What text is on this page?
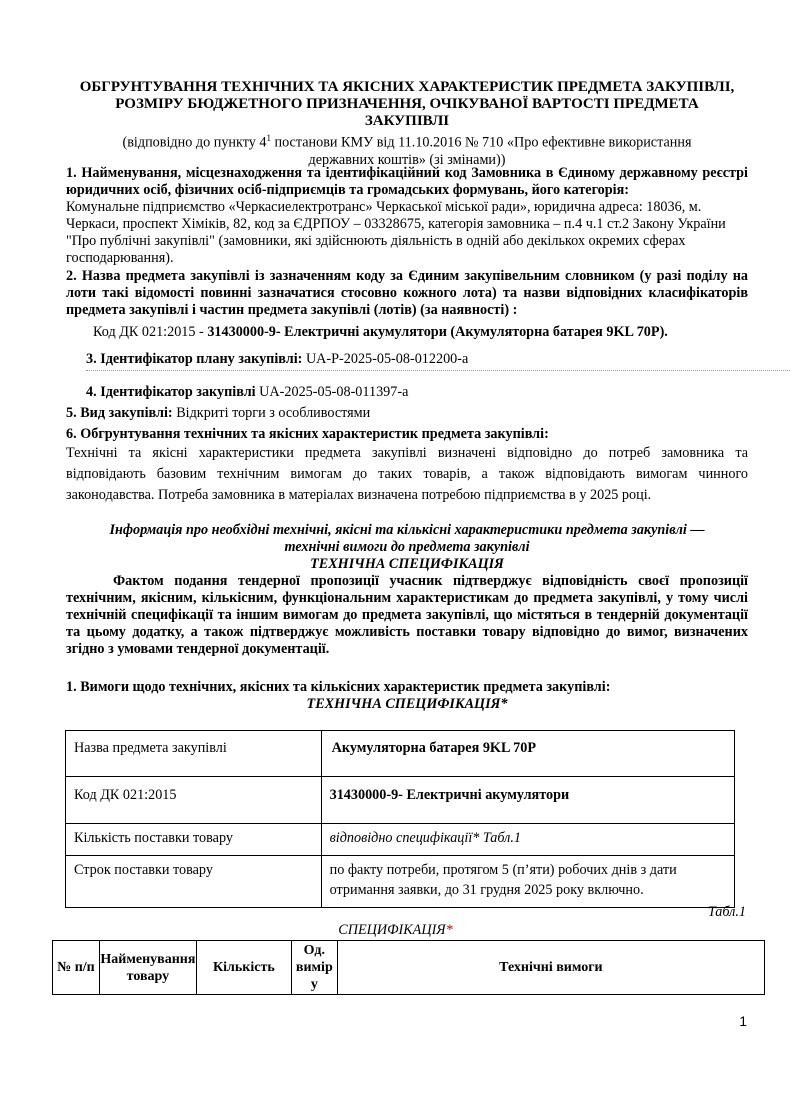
ОБГРУНТУВАННЯ ТЕХНІЧНИХ ТА ЯКІСНИХ ХАРАКТЕРИСТИК ПРЕДМЕТА ЗАКУПІВЛІ,
РОЗМІРУ БЮДЖЕТНОГО ПРИЗНАЧЕННЯ, ОЧІКУВАНОЇ ВАРТОСТІ ПРЕДМЕТА
ЗАКУПІВЛІ
(відповідно до пункту $4^1$ постанови КМУ від 11.10.2016 № 710 «Про ефективне використання
державних коштів» (зі змінами))
1. Найменування, місцезнаходження та ідентифікаційний код Замовника в Єдиному державному реєстрі юридичних осіб, фізичних осіб-підприємців та громадських формувань, його категорія:
Комунальне підприємство «Черкасиелектротранс» Черкаської міської ради», юридична адреса: 18036, м. Черкаси, проспект Хіміків, 82, код за ЄДРПОУ – 03328675, категорія замовника – п.4 ч.1 ст.2 Закону України "Про публічні закупівлі" (замовники, які здійснюють діяльність в одній або декількох окремих сферах господарювання).
2. Назва предмета закупівлі із зазначенням коду за Єдиним закупівельним словником (у разі поділу на лоти такі відомості повинні зазначатися стосовно кожного лота) та назви відповідних класифікаторів предмета закупівлі і частин предмета закупівлі (лотів) (за наявності) :
Код ДК 021:2015 - 31430000-9- Електричні акумулятори (Акумуляторна батарея 9KL 70P).
3. Ідентифікатор плану закупівлі: UA-P-2025-05-08-012200-a
4. Ідентифікатор закупівлі UA-2025-05-08-011397-a
5. Вид закупівлі: Відкриті торги з особливостями
6. Обгрунтування технічних та якісних характеристик предмета закупівлі:
Технічні та якісні характеристики предмета закупівлі визначені відповідно до потреб замовника та відповідають базовим технічним вимогам до таких товарів, а також відповідають вимогам чинного законодавства. Потреба замовника в матеріалах визначена потребою підприємства в у 2025 році.
Інформація про необхідні технічні, якісні та кількісні характеристики предмета закупівлі —
технічні вимоги до предмета закупівлі
ТЕХНІЧНА СПЕЦИФІКАЦІЯ
Фактом подання тендерної пропозиції учасник підтверджує відповідність своєї пропозиції технічним, якісним, кількісним, функціональним характеристикам до предмета закупівлі, у тому числі технічній специфікації та іншим вимогам до предмета закупівлі, що містяться в тендерній документації та цьому додатку, а також підтверджує можливість поставки товару відповідно до вимог, визначених згідно з умовами тендерної документації.
1. Вимоги щодо технічних, якісних та кількісних характеристик предмета закупівлі:
ТЕХНІЧНА СПЕЦИФІКАЦІЯ*
Назва предмета закупівлі	Акумуляторна батарея 9KL 70P
Код ДК 021:2015	31430000-9- Електричні акумулятори
Кількість поставки товару	відповідно специфікації* Табл.1
Строк поставки товару	по факту потреби, протягом 5 (п’яти) робочих днів з дати отримання заявки, до 31 грудня 2025 року включно.
Табл.1
СПЕЦИФІКАЦІЯ*
№ п/п	Найменування товару	Кількість	Од. вимір у	Технічні вимоги
1
